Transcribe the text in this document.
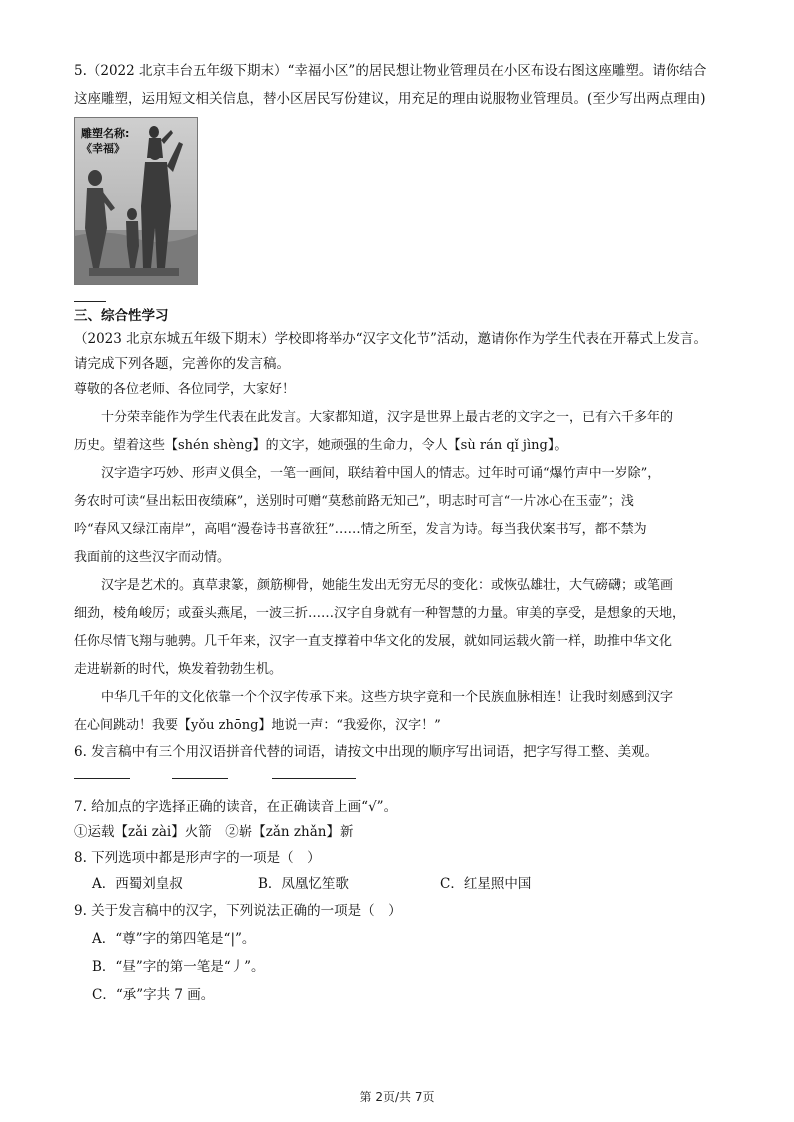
5.（2022 北京丰台五年级下期末）“幸福小区”的居民想让物业管理员在小区布设右图这座雕塑。请你结合
这座雕塑，运用短文相关信息，替小区居民写份建议，用充足的理由说服物业管理员。(至少写出两点理由)
雕塑名称:
《幸福》
三、综合性学习
（2023 北京东城五年级下期末）学校即将举办“汉字文化节”活动，邀请你作为学生代表在开幕式上发言。
请完成下列各题，完善你的发言稿。
尊敬的各位老师、各位同学，大家好！
十分荣幸能作为学生代表在此发言。大家都知道，汉字是世界上最古老的文字之一，已有六千多年的
历史。望着这些【shén shèng】的文字，她顽强的生命力，令人【sù rán qǐ jìng】。
汉字造字巧妙、形声义俱全，一笔一画间，联结着中国人的情志。过年时可诵“爆竹声中一岁除”，
务农时可读“昼出耘田夜绩麻”，送别时可赠“莫愁前路无知己”，明志时可言“一片冰心在玉壶”；浅
吟“春风又绿江南岸”，高唱“漫卷诗书喜欲狂”……情之所至，发言为诗。每当我伏案书写，都不禁为
我面前的这些汉字而动情。
汉字是艺术的。真草隶篆，颜筋柳骨，她能生发出无穷无尽的变化：或恢弘雄壮，大气磅礴；或笔画
细劲，棱角峻厉；或蚕头燕尾，一波三折……汉字自身就有一种智慧的力量。审美的享受，是想象的天地，
任你尽情飞翔与驰骋。几千年来，汉字一直支撑着中华文化的发展，就如同运载火箭一样，助推中华文化
走进崭新的时代，焕发着勃勃生机。
中华几千年的文化依靠一个个汉字传承下来。这些方块字竟和一个民族血脉相连！让我时刻感到汉字
在心间跳动！我要【yǒu zhōng】地说一声：“我爱你，汉字！”
6. 发言稿中有三个用汉语拼音代替的词语，请按文中出现的顺序写出词语，把字写得工整、美观。
7. 给加点的字选择正确的读音，在正确读音上画“√”。
①运载【zǎi zài】火箭　②崭【zǎn zhǎn】新
8. 下列选项中都是形声字的一项是（　）
A．西蜀刘皇叔	B．凤凰忆笙歌	C．红星照中国
9. 关于发言稿中的汉字，下列说法正确的一项是（　）
A．“尊”字的第四笔是“|”。
B．“昼”字的第一笔是“丿”。
C．“承”字共 7 画。
第 2页/共 7页
